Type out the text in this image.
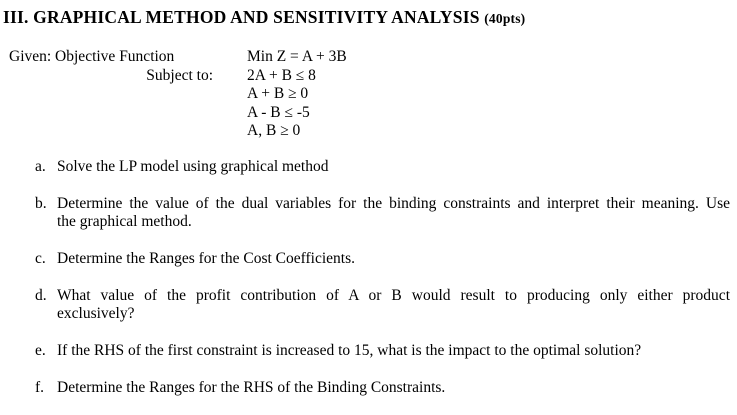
III. GRAPHICAL METHOD AND SENSITIVITY ANALYSIS (40pts)
Given: Objective Function
Subject to:
Min Z = A + 3B
2A + B ≤ 8
A + B ≥ 0
A - B ≤ -5
A, B ≥ 0
a. Solve the LP model using graphical method
b. Determine the value of the dual variables for the binding constraints and interpret their meaning. Use
the graphical method.
c. Determine the Ranges for the Cost Coefficients.
d. What value of the profit contribution of A or B would result to producing only either product
exclusively?
e. If the RHS of the first constraint is increased to 15, what is the impact to the optimal solution?
f. Determine the Ranges for the RHS of the Binding Constraints.
